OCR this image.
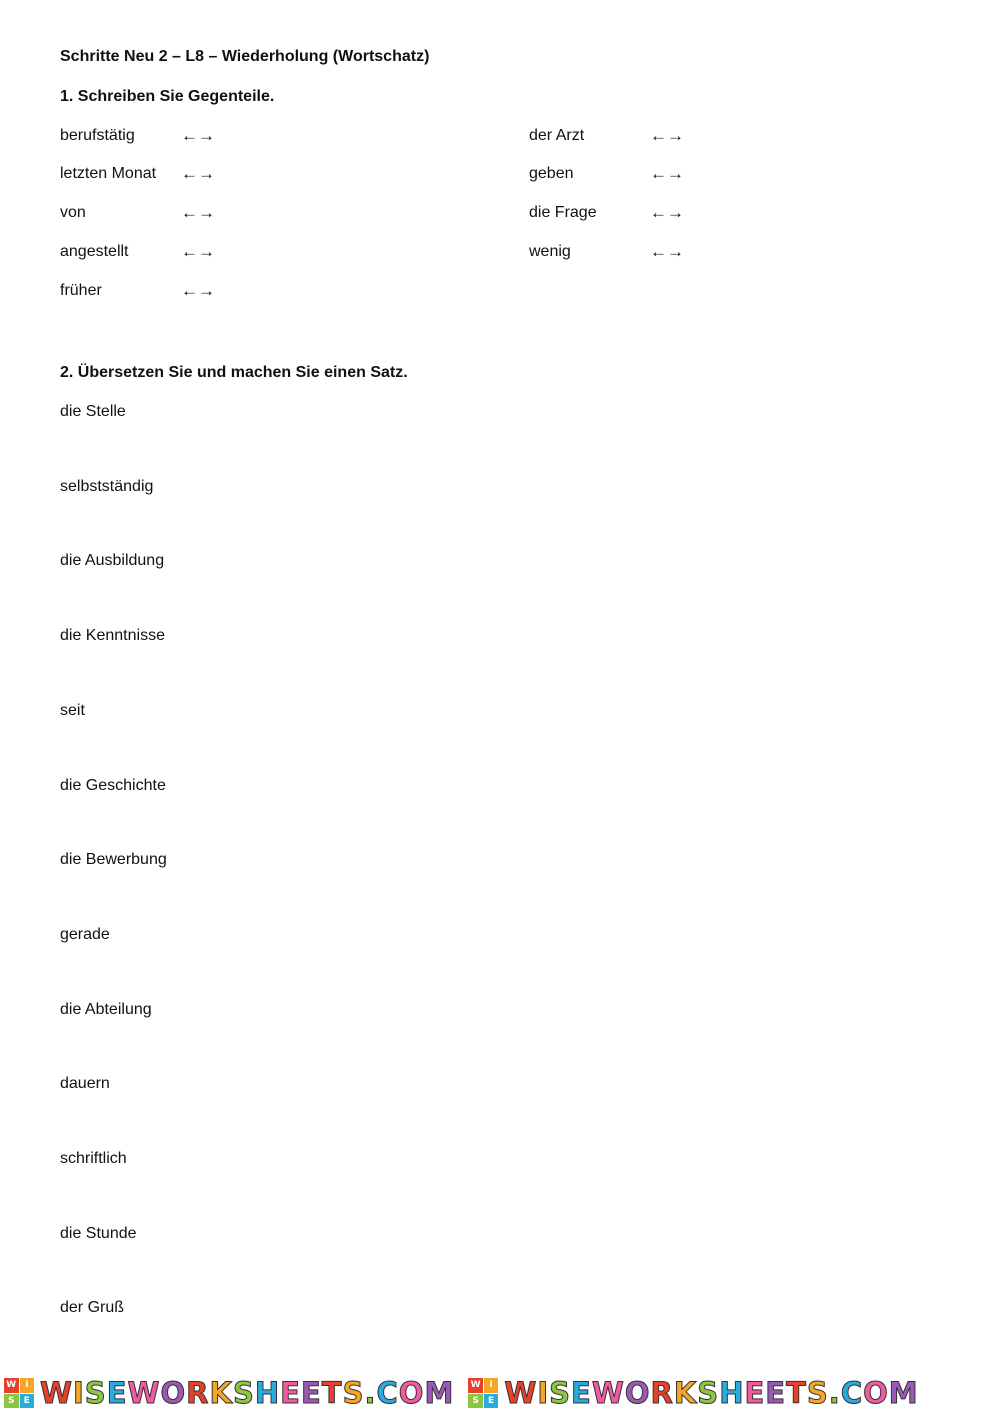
Schritte Neu 2 – L8 – Wiederholung (Wortschatz)
1. Schreiben Sie Gegenteile.
berufstätig	←→
letzten Monat ←→
von	←→
angestellt	←→
früher	←→
der Arzt	←→
geben	←→
die Frage	←→
wenig	←→
2. Übersetzen Sie und machen Sie einen Satz.
die Stelle
selbstständig
die Ausbildung
die Kenntnisse
seit
die Geschichte
die Bewerbung
gerade
die Abteilung
dauern
schriftlich
die Stunde
der Gruß
W I
S	E WISEWORKSHEETS.COM W I
S	E WISEWORKSHEETS.COM
